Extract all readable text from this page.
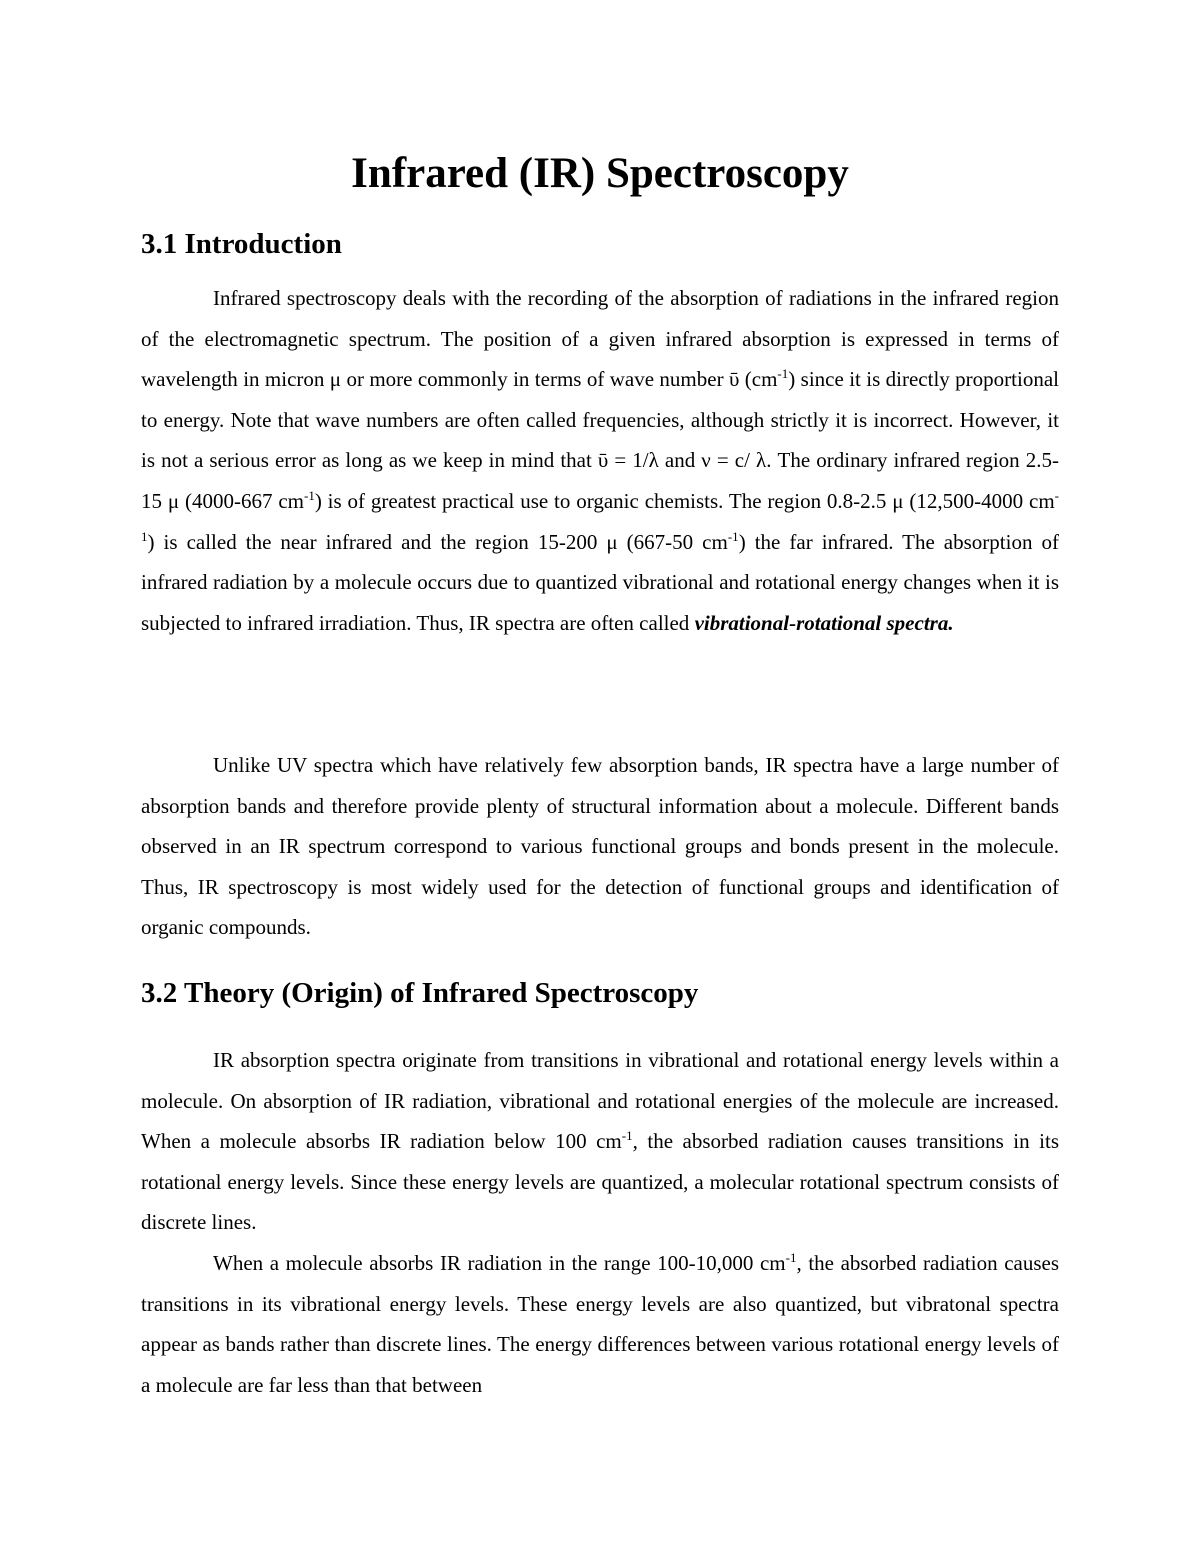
Infrared (IR) Spectroscopy
3.1 Introduction

Infrared spectroscopy deals with the recording of the absorption of radiations in the infrared region of the electromagnetic spectrum. The position of a given infrared absorption is expressed in terms of wavelength in micron μ or more commonly in terms of wave number ῡ $(cm^{-1})$ since it is directly proportional to energy. Note that wave numbers are often called frequencies, although strictly it is incorrect. However, it is not a serious error as long as we keep in mind that ῡ = 1/λ and ν = c/ λ. The ordinary infrared region 2.5-15 μ (4000-667 $cm^{-1}$) is of greatest practical use to organic chemists. The region 0.8-2.5 μ (12,500-4000 $cm^{-1}$) is called the near infrared and the region 15-200 μ (667-50 $cm^{-1}$) the far infrared. The absorption of infrared radiation by a molecule occurs due to quantized vibrational and rotational energy changes when it is subjected to infrared irradiation. Thus, IR spectra are often called vibrational-rotational spectra.

Unlike UV spectra which have relatively few absorption bands, IR spectra have a large number of absorption bands and therefore provide plenty of structural information about a molecule. Different bands observed in an IR spectrum correspond to various functional groups and bonds present in the molecule. Thus, IR spectroscopy is most widely used for the detection of functional groups and identification of organic compounds.

3.2 Theory (Origin) of Infrared Spectroscopy

IR absorption spectra originate from transitions in vibrational and rotational energy levels within a molecule. On absorption of IR radiation, vibrational and rotational energies of the molecule are increased. When a molecule absorbs IR radiation below 100 $cm^{-1}$, the absorbed radiation causes transitions in its rotational energy levels. Since these energy levels are quantized, a molecular rotational spectrum consists of discrete lines.

When a molecule absorbs IR radiation in the range 100-10,000 $cm^{-1}$, the absorbed radiation causes transitions in its vibrational energy levels. These energy levels are also quantized, but vibratonal spectra appear as bands rather than discrete lines. The energy differences between various rotational energy levels of a molecule are far less than that between
